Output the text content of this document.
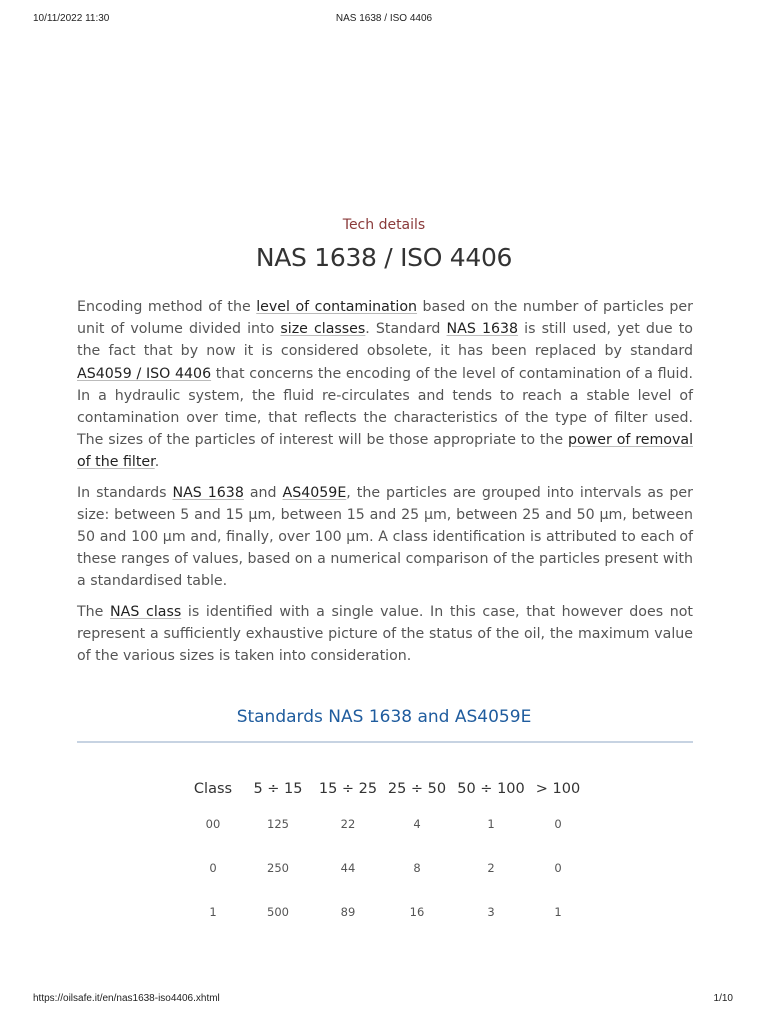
10/11/2022 11:30	NAS 1638 / ISO 4406
Tech details
NAS 1638 / ISO 4406

Encoding method of the level of contamination based on the number of particles per unit of volume divided into size classes. Standard NAS 1638 is still used, yet due to the fact that by now it is considered obsolete, it has been replaced by standard AS4059 / ISO 4406 that concerns the encoding of the level of contamination of a fluid. In a hydraulic system, the fluid re-circulates and tends to reach a stable level of contamination over time, that reflects the characteristics of the type of filter used. The sizes of the particles of interest will be those appropriate to the power of removal of the filter.

In standards NAS 1638 and AS4059E, the particles are grouped into intervals as per size: between 5 and 15 µm, between 15 and 25 µm, between 25 and 50 µm, between 50 and 100 µm and, finally, over 100 µm. A class identification is attributed to each of these ranges of values, based on a numerical comparison of the particles present with a standardised table.

The NAS class is identified with a single value. In this case, that however does not represent a sufficiently exhaustive picture of the status of the oil, the maximum value of the various sizes is taken into consideration.

Standards NAS 1638 and AS4059E
Class	5 ÷ 15	15 ÷ 25	25 ÷ 50	50 ÷ 100	> 100
00	125	22	4	1	0
0	250	44	8	2	0
1	500	89	16	3	1
https://oilsafe.it/en/nas1638-iso4406.xhtml	1/10
